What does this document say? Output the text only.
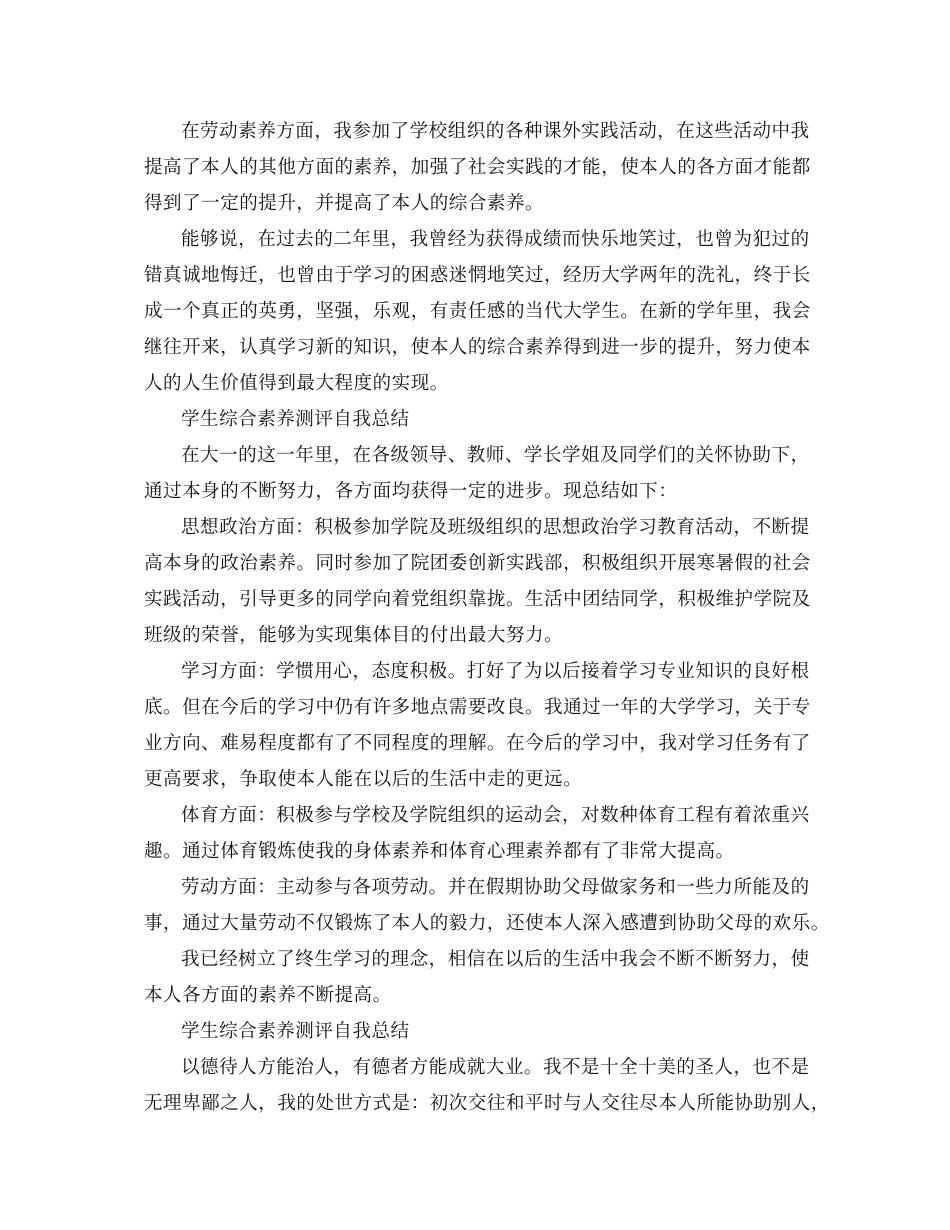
在劳动素养方面，我参加了学校组织的各种课外实践活动，在这些活动中我
提高了本人的其他方面的素养，加强了社会实践的才能，使本人的各方面才能都
得到了一定的提升，并提高了本人的综合素养。
能够说，在过去的二年里，我曾经为获得成绩而快乐地笑过，也曾为犯过的
错真诚地悔迁，也曾由于学习的困惑迷惘地笑过，经历大学两年的洗礼，终于长
成一个真正的英勇，坚强，乐观，有责任感的当代大学生。在新的学年里，我会
继往开来，认真学习新的知识，使本人的综合素养得到进一步的提升，努力使本
人的人生价值得到最大程度的实现。
学生综合素养测评自我总结
在大一的这一年里，在各级领导、教师、学长学姐及同学们的关怀协助下，
通过本身的不断努力，各方面均获得一定的进步。现总结如下：
思想政治方面：积极参加学院及班级组织的思想政治学习教育活动，不断提
高本身的政治素养。同时参加了院团委创新实践部，积极组织开展寒暑假的社会
实践活动，引导更多的同学向着党组织靠拢。生活中团结同学，积极维护学院及
班级的荣誉，能够为实现集体目的付出最大努力。
学习方面：学惯用心，态度积极。打好了为以后接着学习专业知识的良好根
底。但在今后的学习中仍有许多地点需要改良。我通过一年的大学学习，关于专
业方向、难易程度都有了不同程度的理解。在今后的学习中，我对学习任务有了
更高要求，争取使本人能在以后的生活中走的更远。
体育方面：积极参与学校及学院组织的运动会，对数种体育工程有着浓重兴
趣。通过体育锻炼使我的身体素养和体育心理素养都有了非常大提高。
劳动方面：主动参与各项劳动。并在假期协助父母做家务和一些力所能及的
事，通过大量劳动不仅锻炼了本人的毅力，还使本人深入感遭到协助父母的欢乐。
我已经树立了终生学习的理念，相信在以后的生活中我会不断不断努力，使
本人各方面的素养不断提高。
学生综合素养测评自我总结
以德待人方能治人，有德者方能成就大业。我不是十全十美的圣人，也不是
无理卑鄙之人，我的处世方式是：初次交往和平时与人交往尽本人所能协助别人，
